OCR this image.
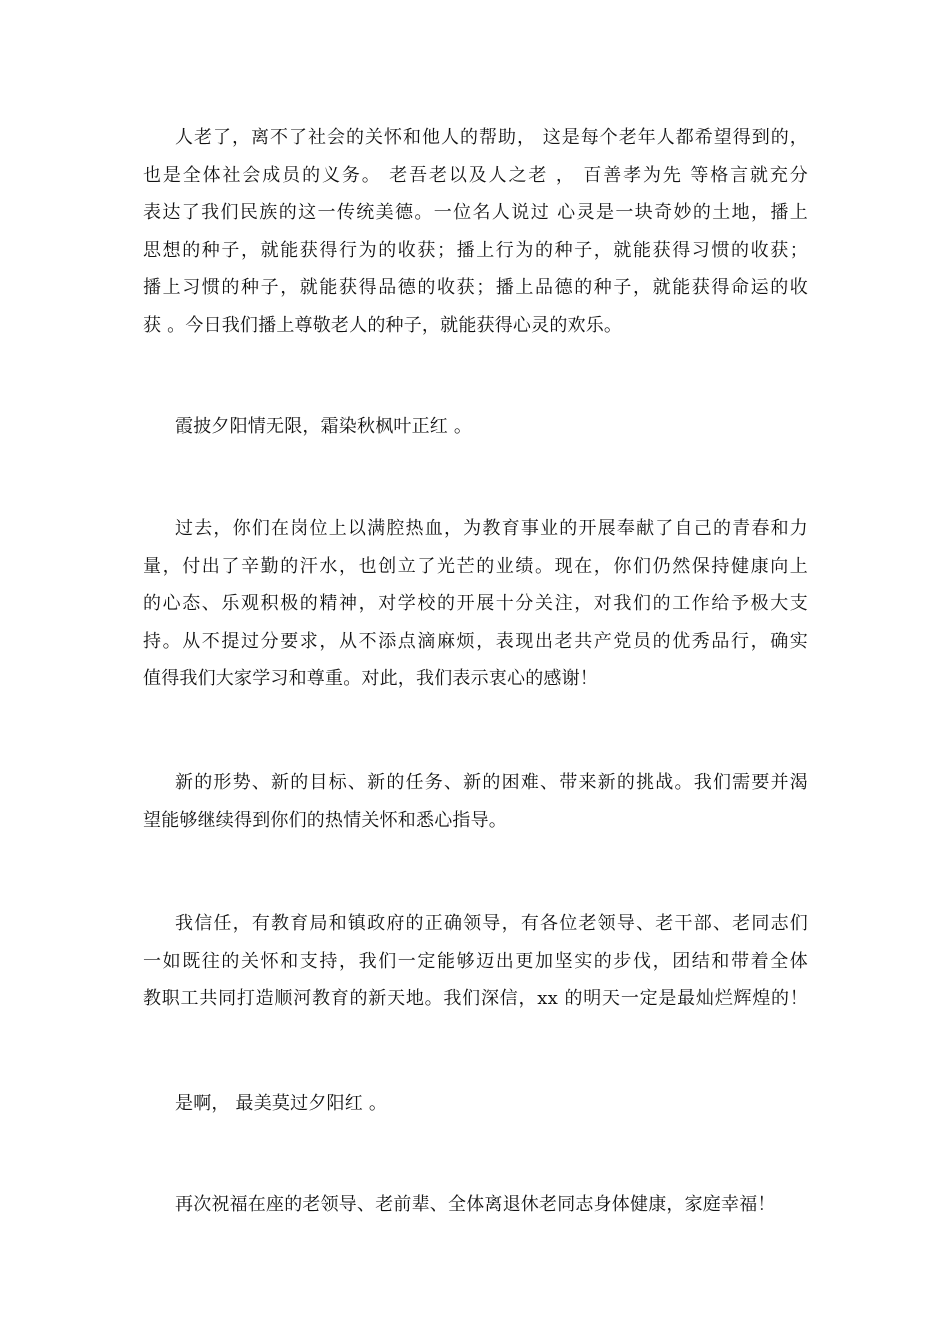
人老了，离不了社会的关怀和他人的帮助， 这是每个老年人都希望得到的，
也是全体社会成员的义务。 老吾老以及人之老 ， 百善孝为先 等格言就充分
表达了我们民族的这一传统美德。一位名人说过 心灵是一块奇妙的土地，播上
思想的种子，就能获得行为的收获；播上行为的种子，就能获得习惯的收获；
播上习惯的种子，就能获得品德的收获；播上品德的种子，就能获得命运的收
获 。今日我们播上尊敬老人的种子，就能获得心灵的欢乐。
霞披夕阳情无限，霜染秋枫叶正红 。
过去，你们在岗位上以满腔热血，为教育事业的开展奉献了自己的青春和力
量，付出了辛勤的汗水，也创立了光芒的业绩。现在，你们仍然保持健康向上
的心态、乐观积极的精神，对学校的开展十分关注，对我们的工作给予极大支
持。从不提过分要求，从不添点滴麻烦，表现出老共产党员的优秀品行，确实
值得我们大家学习和尊重。对此，我们表示衷心的感谢！
新的形势、新的目标、新的任务、新的困难、带来新的挑战。我们需要并渴
望能够继续得到你们的热情关怀和悉心指导。
我信任，有教育局和镇政府的正确领导，有各位老领导、老干部、老同志们
一如既往的关怀和支持，我们一定能够迈出更加坚实的步伐，团结和带着全体
教职工共同打造顺河教育的新天地。我们深信，xx 的明天一定是最灿烂辉煌的！
是啊， 最美莫过夕阳红 。
再次祝福在座的老领导、老前辈、全体离退休老同志身体健康，家庭幸福！
